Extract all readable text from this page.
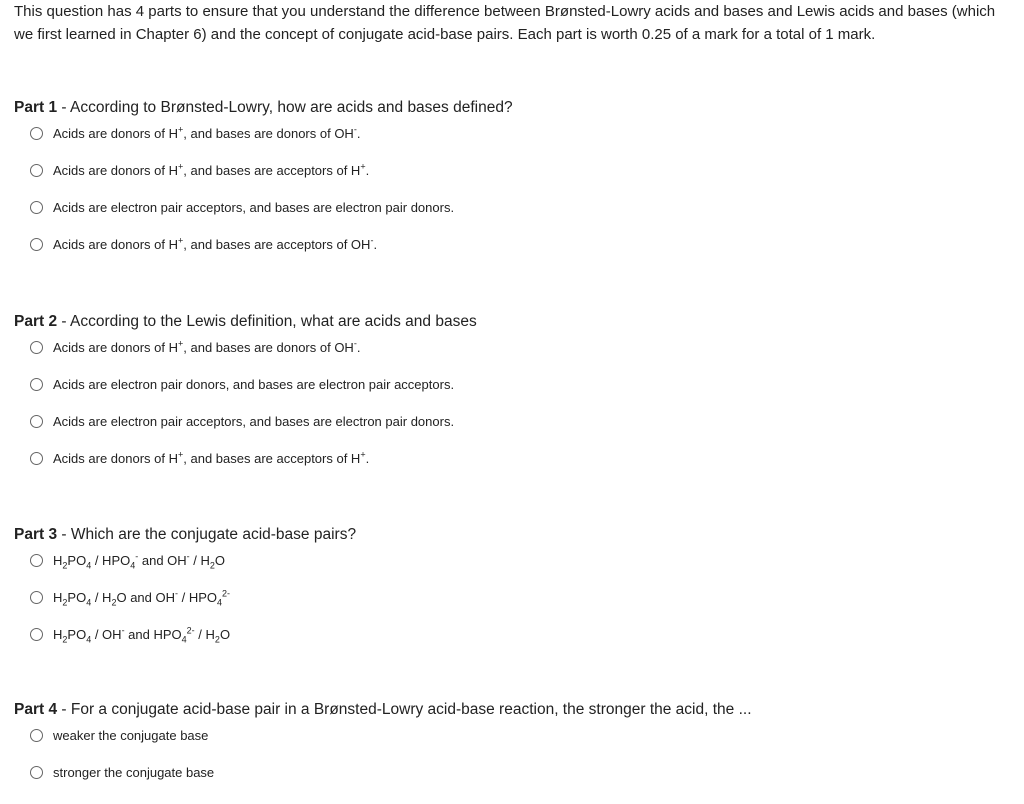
This question has 4 parts to ensure that you understand the difference between Brønsted-Lowry acids and bases and Lewis acids and bases (which we first learned in Chapter 6) and the concept of conjugate acid-base pairs. Each part is worth 0.25 of a mark for a total of 1 mark.

Part 1 - According to Brønsted-Lowry, how are acids and bases defined?

Acids are donors of H+, and bases are donors of OH-.
Acids are donors of H+, and bases are acceptors of H+.
Acids are electron pair acceptors, and bases are electron pair donors.
Acids are donors of H+, and bases are acceptors of OH-.

Part 2 - According to the Lewis definition, what are acids and bases

Acids are donors of H+, and bases are donors of OH-.
Acids are electron pair donors, and bases are electron pair acceptors.
Acids are electron pair acceptors, and bases are electron pair donors.
Acids are donors of H+, and bases are acceptors of H+.

Part 3 - Which are the conjugate acid-base pairs?

$H_2PO_4 / HPO_4^-$ and $OH^- / H_2O$
$H_2PO_4 / H_2O$ and $OH^- / HPO_4^{2-}$
$H_2PO_4 / OH^-$ and $HPO_4^{2-} / H_2O$

Part 4 - For a conjugate acid-base pair in a Brønsted-Lowry acid-base reaction, the stronger the acid, the ...

weaker the conjugate base
stronger the conjugate base
